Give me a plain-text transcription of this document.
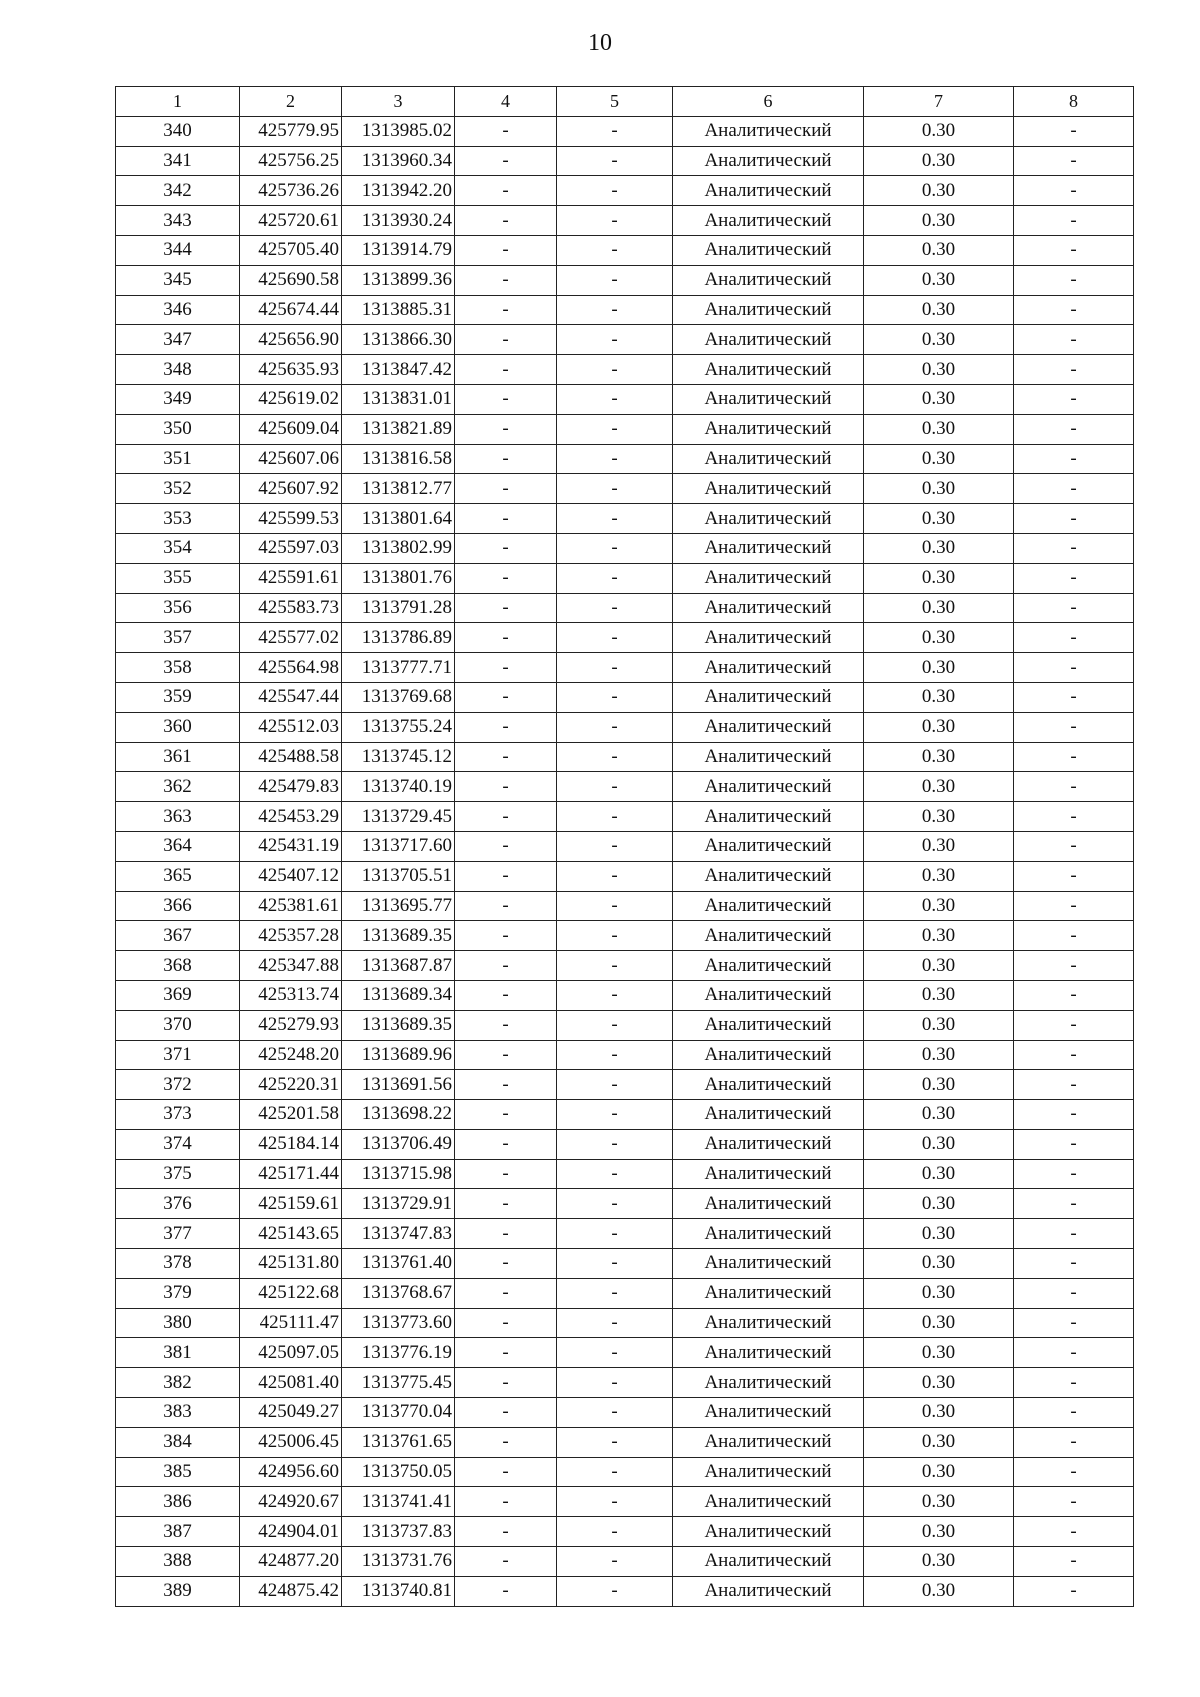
10
1	2	3	4	5	6	7	8
340	425779.95	1313985.02	-	-	Аналитический	0.30	-
341	425756.25	1313960.34	-	-	Аналитический	0.30	-
342	425736.26	1313942.20	-	-	Аналитический	0.30	-
343	425720.61	1313930.24	-	-	Аналитический	0.30	-
344	425705.40	1313914.79	-	-	Аналитический	0.30	-
345	425690.58	1313899.36	-	-	Аналитический	0.30	-
346	425674.44	1313885.31	-	-	Аналитический	0.30	-
347	425656.90	1313866.30	-	-	Аналитический	0.30	-
348	425635.93	1313847.42	-	-	Аналитический	0.30	-
349	425619.02	1313831.01	-	-	Аналитический	0.30	-
350	425609.04	1313821.89	-	-	Аналитический	0.30	-
351	425607.06	1313816.58	-	-	Аналитический	0.30	-
352	425607.92	1313812.77	-	-	Аналитический	0.30	-
353	425599.53	1313801.64	-	-	Аналитический	0.30	-
354	425597.03	1313802.99	-	-	Аналитический	0.30	-
355	425591.61	1313801.76	-	-	Аналитический	0.30	-
356	425583.73	1313791.28	-	-	Аналитический	0.30	-
357	425577.02	1313786.89	-	-	Аналитический	0.30	-
358	425564.98	1313777.71	-	-	Аналитический	0.30	-
359	425547.44	1313769.68	-	-	Аналитический	0.30	-
360	425512.03	1313755.24	-	-	Аналитический	0.30	-
361	425488.58	1313745.12	-	-	Аналитический	0.30	-
362	425479.83	1313740.19	-	-	Аналитический	0.30	-
363	425453.29	1313729.45	-	-	Аналитический	0.30	-
364	425431.19	1313717.60	-	-	Аналитический	0.30	-
365	425407.12	1313705.51	-	-	Аналитический	0.30	-
366	425381.61	1313695.77	-	-	Аналитический	0.30	-
367	425357.28	1313689.35	-	-	Аналитический	0.30	-
368	425347.88	1313687.87	-	-	Аналитический	0.30	-
369	425313.74	1313689.34	-	-	Аналитический	0.30	-
370	425279.93	1313689.35	-	-	Аналитический	0.30	-
371	425248.20	1313689.96	-	-	Аналитический	0.30	-
372	425220.31	1313691.56	-	-	Аналитический	0.30	-
373	425201.58	1313698.22	-	-	Аналитический	0.30	-
374	425184.14	1313706.49	-	-	Аналитический	0.30	-
375	425171.44	1313715.98	-	-	Аналитический	0.30	-
376	425159.61	1313729.91	-	-	Аналитический	0.30	-
377	425143.65	1313747.83	-	-	Аналитический	0.30	-
378	425131.80	1313761.40	-	-	Аналитический	0.30	-
379	425122.68	1313768.67	-	-	Аналитический	0.30	-
380	425111.47	1313773.60	-	-	Аналитический	0.30	-
381	425097.05	1313776.19	-	-	Аналитический	0.30	-
382	425081.40	1313775.45	-	-	Аналитический	0.30	-
383	425049.27	1313770.04	-	-	Аналитический	0.30	-
384	425006.45	1313761.65	-	-	Аналитический	0.30	-
385	424956.60	1313750.05	-	-	Аналитический	0.30	-
386	424920.67	1313741.41	-	-	Аналитический	0.30	-
387	424904.01	1313737.83	-	-	Аналитический	0.30	-
388	424877.20	1313731.76	-	-	Аналитический	0.30	-
389	424875.42	1313740.81	-	-	Аналитический	0.30	-
